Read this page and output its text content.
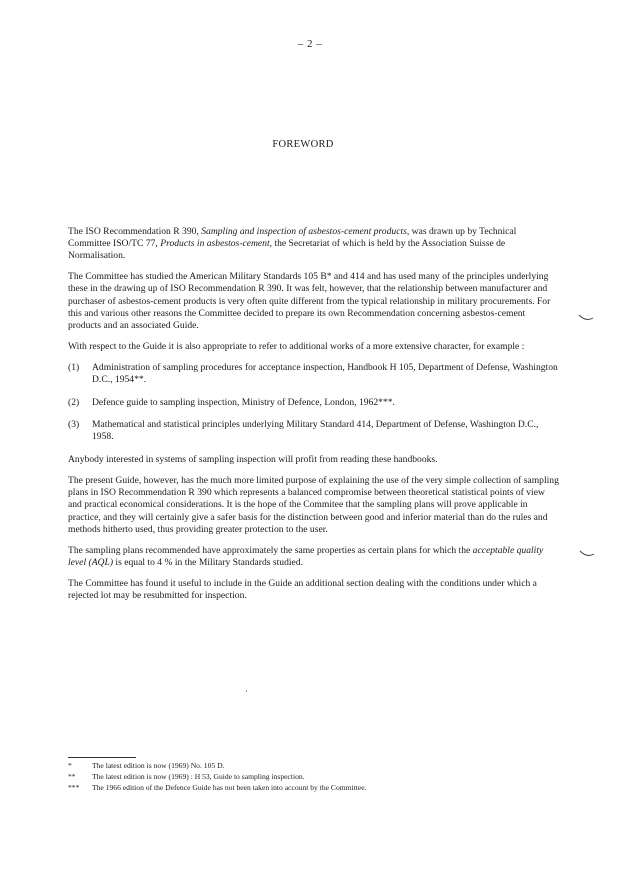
– 2 –
FOREWORD

The ISO Recommendation R 390, Sampling and inspection of asbestos-cement products, was drawn up by Technical Committee ISO/TC 77, Products in asbestos-cement, the Secretariat of which is held by the Association Suisse de Normalisation.

The Committee has studied the American Military Standards 105 B* and 414 and has used many of the principles underlying these in the drawing up of ISO Recommendation R 390. It was felt, however, that the relationship between manufacturer and purchaser of asbestos-cement products is very often quite different from the typical relationship in military procurements. For this and various other reasons the Committee decided to prepare its own Recommendation concerning asbestos-cement products and an associated Guide.

With respect to the Guide it is also appropriate to refer to additional works of a more extensive character, for example :

(1)	Administration of sampling procedures for acceptance inspection, Handbook H 105, Department of Defense, Washington D.C., 1954**.
(2)	Defence guide to sampling inspection, Ministry of Defence, London, 1962***.
(3)	Mathematical and statistical principles underlying Military Standard 414, Department of Defense, Washington D.C., 1958.

Anybody interested in systems of sampling inspection will profit from reading these handbooks.

The present Guide, however, has the much more limited purpose of explaining the use of the very simple collection of sampling plans in ISO Recommendation R 390 which represents a balanced compromise between theoretical statistical points of view and practical economical considerations. It is the hope of the Commitee that the sampling plans will prove applicable in practice, and they will certainly give a safer basis for the distinction between good and inferior material than do the rules and methods hitherto used, thus providing greater protection to the user.

The sampling plans recommended have approximately the same properties as certain plans for which the acceptable quality level (AQL) is equal to 4 % in the Military Standards studied.

The Committee has found it useful to include in the Guide an additional section dealing with the conditions under which a rejected lot may be resubmitted for inspection.

*	The latest edition is now (1969) No. 105 D.
**	The latest edition is now (1969) : H 53, Guide to sampling inspection.
***	The 1966 edition of the Defence Guide has not been taken into account by the Committee.
